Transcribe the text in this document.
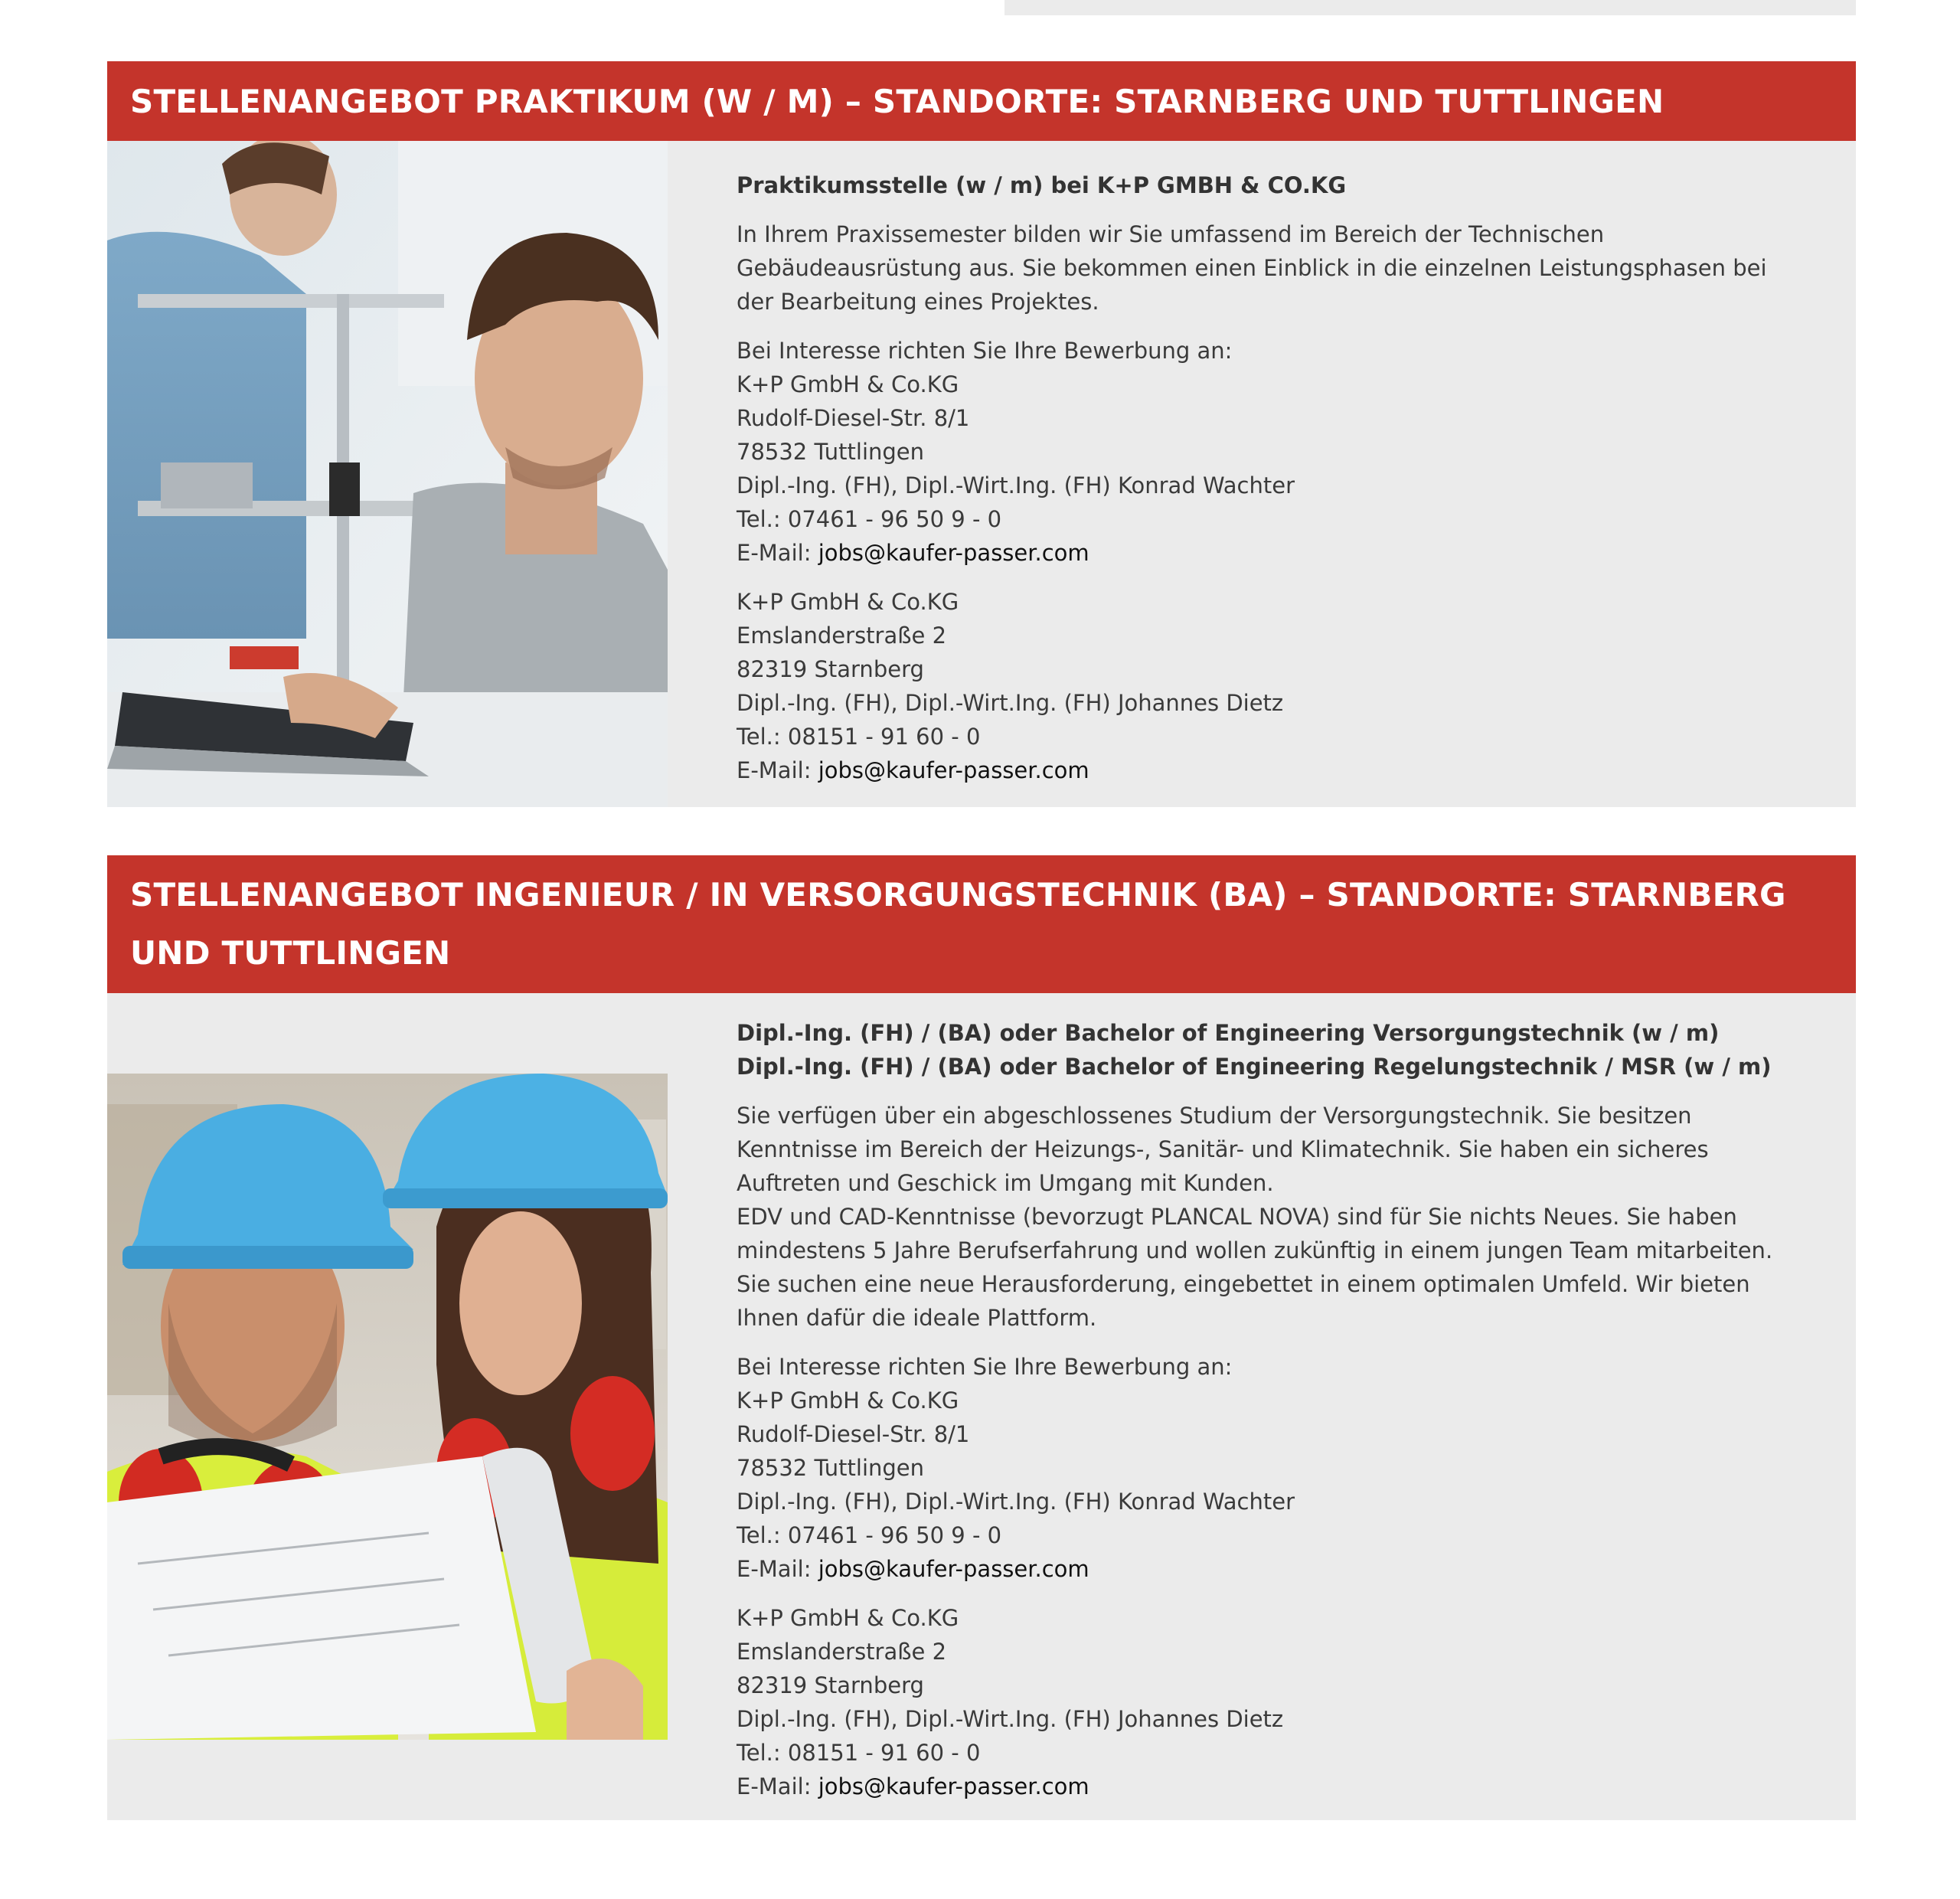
STELLENANGEBOT PRAKTIKUM (W / M) – STANDORTE: STARNBERG UND TUTTLINGEN

Praktikumsstelle (w / m) bei K+P GMBH & CO.KG

In Ihrem Praxissemester bilden wir Sie umfassend im Bereich der Technischen Gebäudeausrüstung aus. Sie bekommen einen Einblick in die einzelnen Leistungsphasen bei der Bearbeitung eines Projektes.

Bei Interesse richten Sie Ihre Bewerbung an:
K+P GmbH & Co.KG
Rudolf-Diesel-Str. 8/1
78532 Tuttlingen
Dipl.-Ing. (FH), Dipl.-Wirt.Ing. (FH) Konrad Wachter
Tel.: 07461 - 96 50 9 - 0
E-Mail: jobs@kaufer-passer.com

K+P GmbH & Co.KG
Emslanderstraße 2
82319 Starnberg
Dipl.-Ing. (FH), Dipl.-Wirt.Ing. (FH) Johannes Dietz
Tel.: 08151 - 91 60 - 0
E-Mail: jobs@kaufer-passer.com

STELLENANGEBOT INGENIEUR / IN VERSORGUNGSTECHNIK (BA) – STANDORTE: STARNBERG UND TUTTLINGEN

Dipl.-Ing. (FH) / (BA) oder Bachelor of Engineering Versorgungstechnik (w / m)
Dipl.-Ing. (FH) / (BA) oder Bachelor of Engineering Regelungstechnik / MSR (w / m)

Sie verfügen über ein abgeschlossenes Studium der Versorgungstechnik. Sie besitzen Kenntnisse im Bereich der Heizungs-, Sanitär- und Klimatechnik. Sie haben ein sicheres Auftreten und Geschick im Umgang mit Kunden.
EDV und CAD-Kenntnisse (bevorzugt PLANCAL NOVA) sind für Sie nichts Neues. Sie haben mindestens 5 Jahre Berufserfahrung und wollen zukünftig in einem jungen Team mitarbeiten. Sie suchen eine neue Herausforderung, eingebettet in einem optimalen Umfeld. Wir bieten Ihnen dafür die ideale Plattform.

Bei Interesse richten Sie Ihre Bewerbung an:
K+P GmbH & Co.KG
Rudolf-Diesel-Str. 8/1
78532 Tuttlingen
Dipl.-Ing. (FH), Dipl.-Wirt.Ing. (FH) Konrad Wachter
Tel.: 07461 - 96 50 9 - 0
E-Mail: jobs@kaufer-passer.com

K+P GmbH & Co.KG
Emslanderstraße 2
82319 Starnberg
Dipl.-Ing. (FH), Dipl.-Wirt.Ing. (FH) Johannes Dietz
Tel.: 08151 - 91 60 - 0
E-Mail: jobs@kaufer-passer.com
